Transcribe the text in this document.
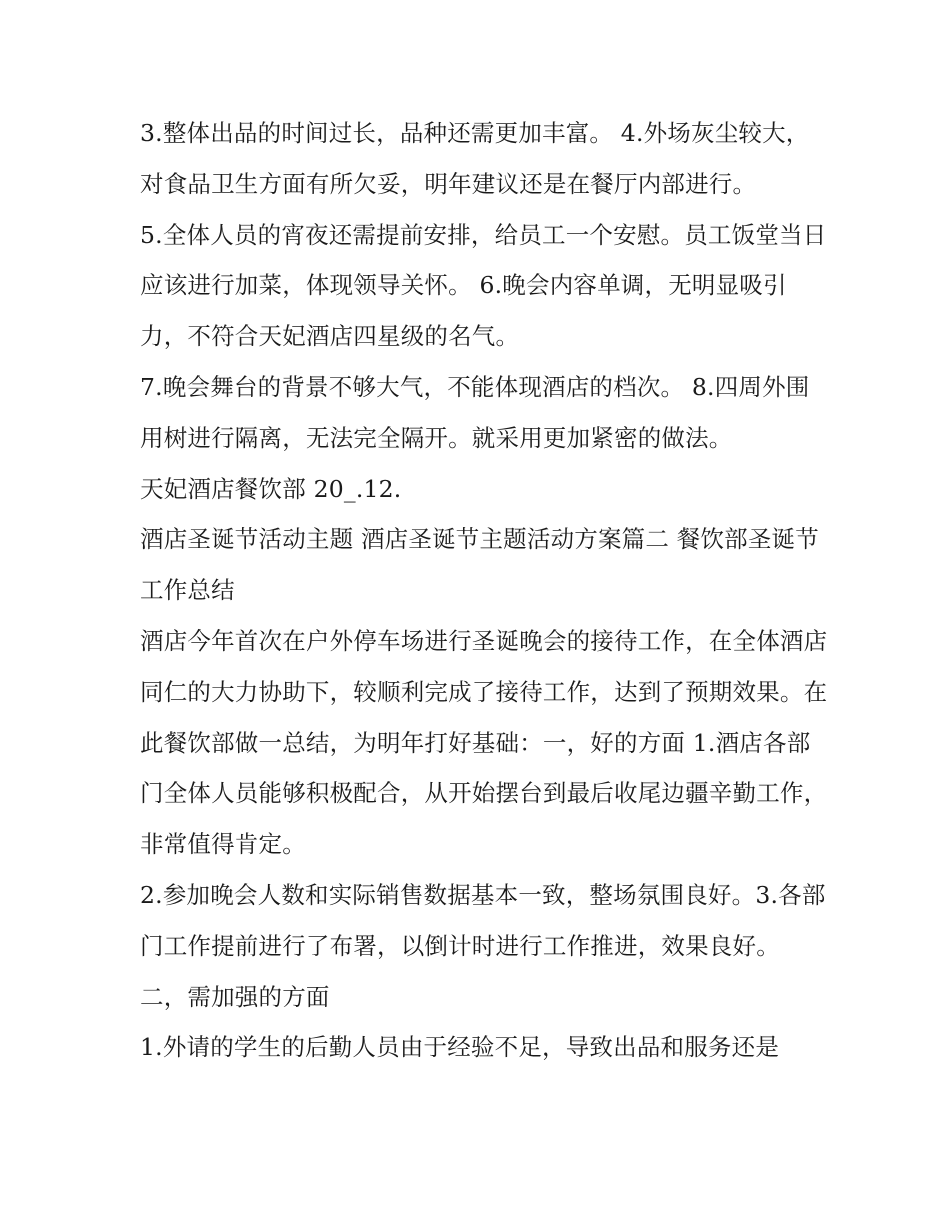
3.整体出品的时间过长，品种还需更加丰富。 4.外场灰尘较大，对食品卫生方面有所欠妥，明年建议还是在餐厅内部进行。

5.全体人员的宵夜还需提前安排，给员工一个安慰。员工饭堂当日应该进行加菜，体现领导关怀。 6.晚会内容单调，无明显吸引力，不符合天妃酒店四星级的名气。

7.晚会舞台的背景不够大气，不能体现酒店的档次。 8.四周外围用树进行隔离，无法完全隔开。就采用更加紧密的做法。

天妃酒店餐饮部 20_.12.

酒店圣诞节活动主题 酒店圣诞节主题活动方案篇二 餐饮部圣诞节工作总结

酒店今年首次在户外停车场进行圣诞晚会的接待工作，在全体酒店同仁的大力协助下，较顺利完成了接待工作，达到了预期效果。在此餐饮部做一总结，为明年打好基础：一，好的方面 1.酒店各部门全体人员能够积极配合，从开始摆台到最后收尾边疆辛勤工作，非常值得肯定。

2.参加晚会人数和实际销售数据基本一致，整场氛围良好。3.各部门工作提前进行了布署，以倒计时进行工作推进，效果良好。 二，需加强的方面

1.外请的学生的后勤人员由于经验不足，导致出品和服务还是
